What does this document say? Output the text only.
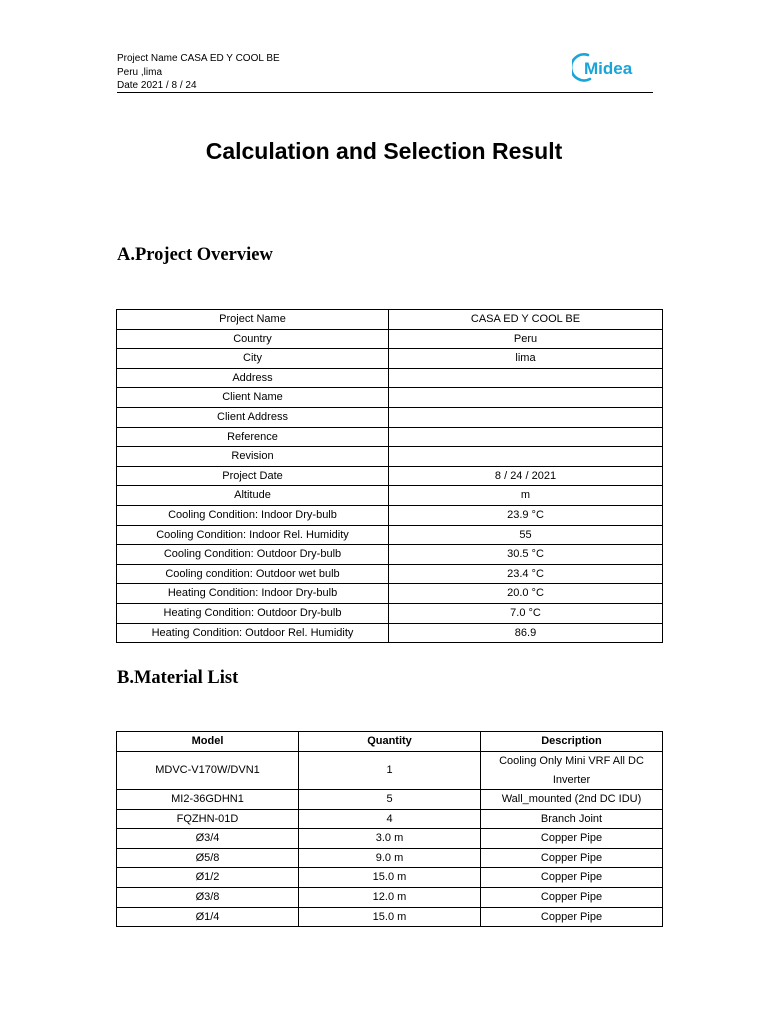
Project Name CASA ED Y COOL BE
Peru ,lima
Date 2021 / 8 / 24
Midea
Calculation and Selection Result
A.Project Overview
Project Name	CASA ED Y COOL BE
Country	Peru
City	lima
Address	
Client Name	
Client Address	
Reference	
Revision	
Project Date	8 / 24 / 2021
Altitude	m
Cooling Condition: Indoor Dry-bulb	23.9 °C
Cooling Condition: Indoor Rel. Humidity	55
Cooling Condition: Outdoor Dry-bulb	30.5 °C
Cooling condition: Outdoor wet bulb	23.4 °C
Heating Condition: Indoor Dry-bulb	20.0 °C
Heating Condition: Outdoor Dry-bulb	7.0 °C
Heating Condition: Outdoor Rel. Humidity	86.9
B.Material List
Model	Quantity	Description
MDVC-V170W/DVN1	1	Cooling Only Mini VRF All DC Inverter
MI2-36GDHN1	5	Wall_mounted (2nd DC IDU)
FQZHN-01D	4	Branch Joint
Ø3/4	3.0 m	Copper Pipe
Ø5/8	9.0 m	Copper Pipe
Ø1/2	15.0 m	Copper Pipe
Ø3/8	12.0 m	Copper Pipe
Ø1/4	15.0 m	Copper Pipe
